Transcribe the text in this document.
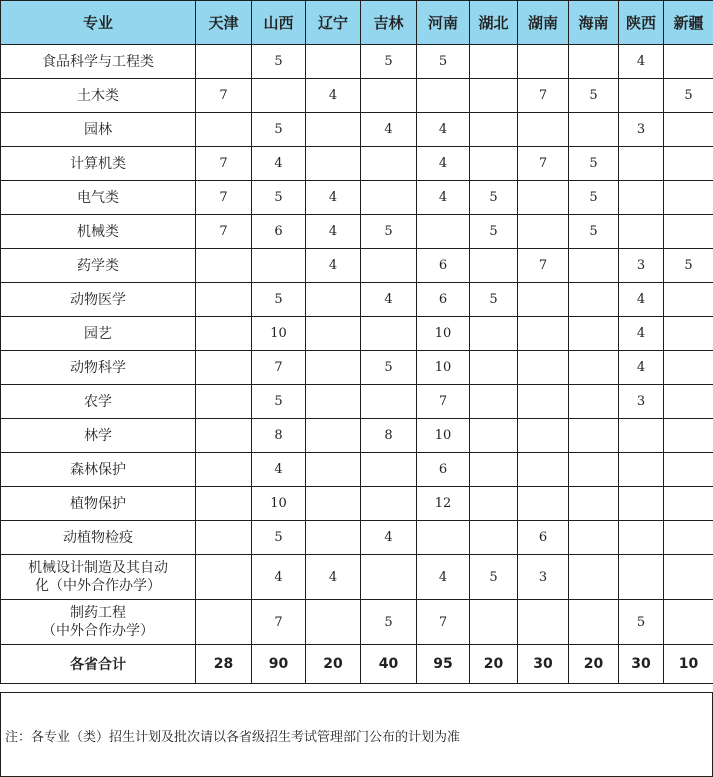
专业	天津	山西	辽宁	吉林	河南	湖北	湖南	海南	陕西	新疆
食品科学与工程类		5		5	5				4	
土木类	7		4				7	5		5
园林		5		4	4				3	
计算机类	7	4			4		7	5		
电气类	7	5	4		4	5		5		
机械类	7	6	4	5		5		5		
药学类			4		6		7		3	5
动物医学		5		4	6	5			4	
园艺		10			10				4	
动物科学		7		5	10				4	
农学		5			7				3	
林学		8		8	10					
森林保护		4			6					
植物保护		10			12					
动植物检疫		5		4			6			
机械设计制造及其自动
化（中外合作办学）		4	4		4	5	3			
制药工程
（中外合作办学）		7		5	7				5	
各省合计	28	90	20	40	95	20	30	20	30	10
注：各专业（类）招生计划及批次请以各省级招生考试管理部门公布的计划为准
